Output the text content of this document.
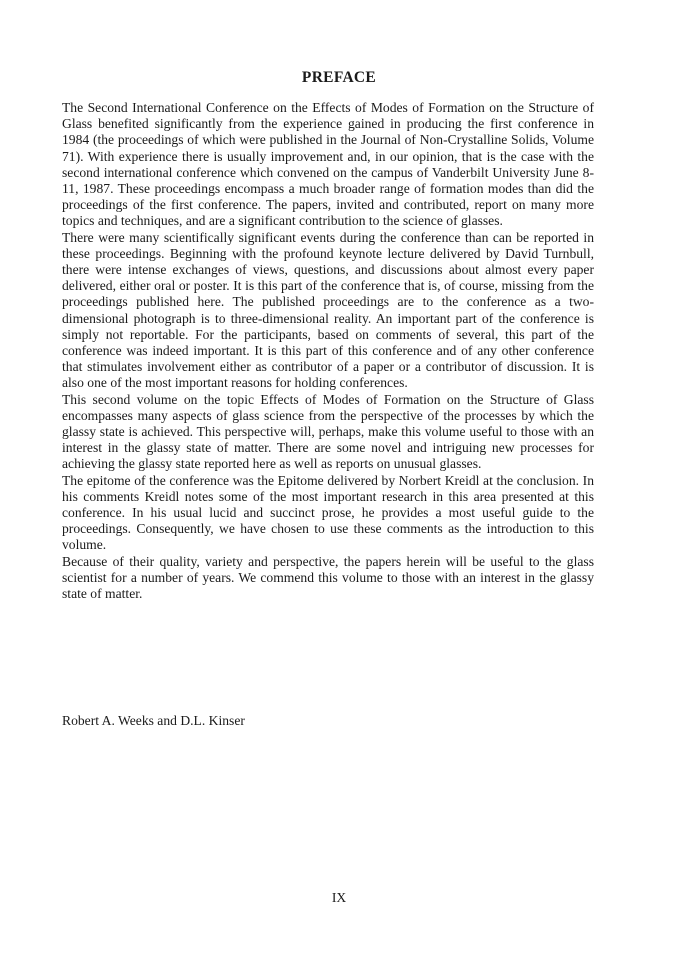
PREFACE

The Second International Conference on the Effects of Modes of Formation on the Structure of Glass benefited significantly from the experience gained in producing the first conference in 1984 (the proceedings of which were published in the Journal of Non-Crystalline Solids, Volume 71). With experience there is usually improvement and, in our opinion, that is the case with the second international conference which convened on the campus of Vanderbilt University June 8-11, 1987. These proceedings encompass a much broader range of formation modes than did the proceedings of the first conference. The papers, invited and contributed, report on many more topics and techniques, and are a significant contribution to the science of glasses.

There were many scientifically significant events during the conference than can be reported in these proceedings. Beginning with the profound keynote lecture delivered by David Turnbull, there were intense exchanges of views, questions, and discussions about almost every paper delivered, either oral or poster. It is this part of the conference that is, of course, missing from the proceedings published here. The published proceedings are to the conference as a two-dimensional photograph is to three-dimensional reality. An important part of the conference is simply not reportable. For the participants, based on comments of several, this part of the conference was indeed important. It is this part of this conference and of any other conference that stimulates involvement either as contributor of a paper or a contributor of discussion. It is also one of the most important reasons for holding conferences.

This second volume on the topic Effects of Modes of Formation on the Structure of Glass encompasses many aspects of glass science from the perspective of the processes by which the glassy state is achieved. This perspective will, perhaps, make this volume useful to those with an interest in the glassy state of matter. There are some novel and intriguing new processes for achieving the glassy state reported here as well as reports on unusual glasses.

The epitome of the conference was the Epitome delivered by Norbert Kreidl at the conclusion. In his comments Kreidl notes some of the most important research in this area presented at this conference. In his usual lucid and succinct prose, he provides a most useful guide to the proceedings. Consequently, we have chosen to use these comments as the introduction to this volume.

Because of their quality, variety and perspective, the papers herein will be useful to the glass scientist for a number of years. We commend this volume to those with an interest in the glassy state of matter.

Robert A. Weeks and D.L. Kinser

IX
